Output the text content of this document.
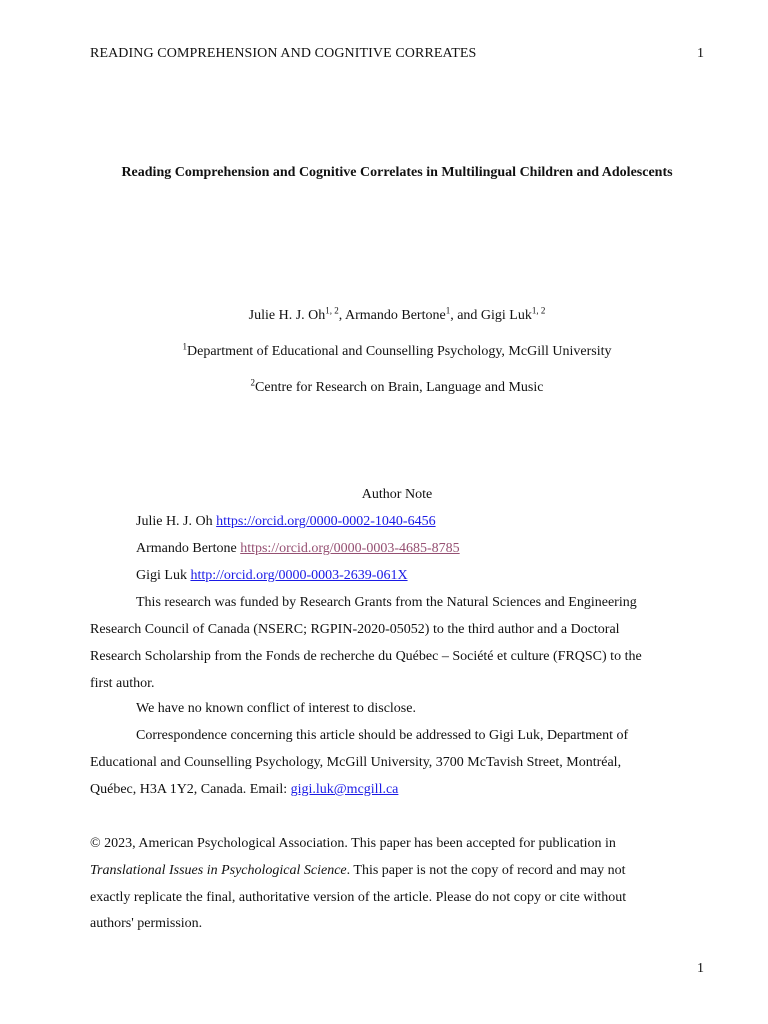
READING COMPREHENSION AND COGNITIVE CORREATES	1
Reading Comprehension and Cognitive Correlates in Multilingual Children and Adolescents
Julie H. J. Oh$^{1, 2}$, Armando Bertone$^1$, and Gigi Luk$^{1, 2}$
$^1$Department of Educational and Counselling Psychology, McGill University
$^2$Centre for Research on Brain, Language and Music
Author Note
Julie H. J. Oh https://orcid.org/0000-0002-1040-6456
Armando Bertone https://orcid.org/0000-0003-4685-8785
Gigi Luk http://orcid.org/0000-0003-2639-061X
This research was funded by Research Grants from the Natural Sciences and Engineering
Research Council of Canada (NSERC; RGPIN-2020-05052) to the third author and a Doctoral
Research Scholarship from the Fonds de recherche du Québec – Société et culture (FRQSC) to the
first author.
We have no known conflict of interest to disclose.
Correspondence concerning this article should be addressed to Gigi Luk, Department of
Educational and Counselling Psychology, McGill University, 3700 McTavish Street, Montréal,
Québec, H3A 1Y2, Canada. Email: gigi.luk@mcgill.ca
© 2023, American Psychological Association. This paper has been accepted for publication in
Translational Issues in Psychological Science. This paper is not the copy of record and may not
exactly replicate the final, authoritative version of the article. Please do not copy or cite without
authors' permission.
1
